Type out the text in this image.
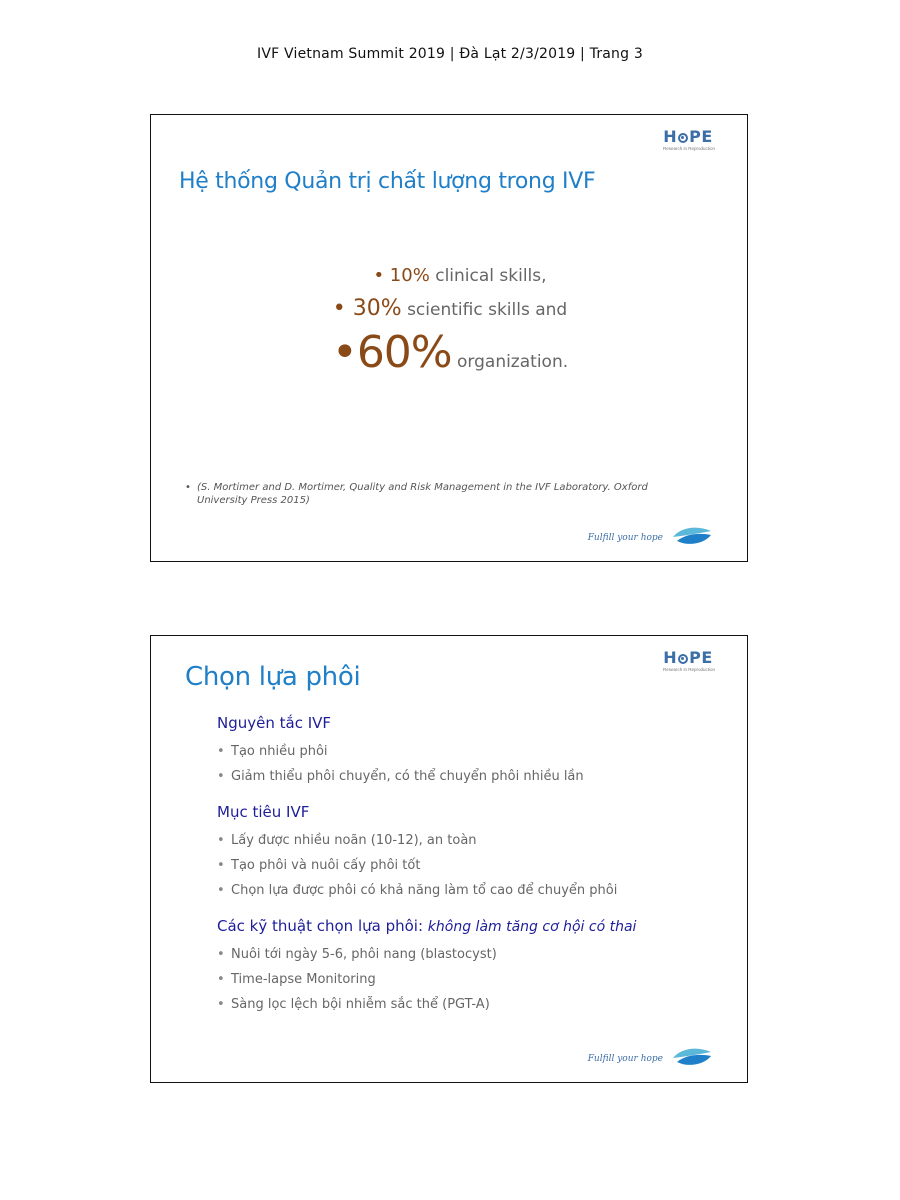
IVF Vietnam Summit 2019 | Đà Lạt 2/3/2019 | Trang 3
H PE
Research in Reproduction
Hệ thống Quản trị chất lượng trong IVF
• 10% clinical skills,
• 30% scientific skills and
•60% organization.
• (S. Mortimer and D. Mortimer, Quality and Risk Management in the IVF Laboratory. Oxford University Press 2015)
Fulfill your hope
H PE
Research in Reproduction
Chọn lựa phôi
Nguyên tắc IVF
• Tạo nhiều phôi
• Giảm thiểu phôi chuyển, có thể chuyển phôi nhiều lần
Mục tiêu IVF
• Lấy được nhiều noãn (10-12), an toàn
• Tạo phôi và nuôi cấy phôi tốt
• Chọn lựa được phôi có khả năng làm tổ cao để chuyển phôi
Các kỹ thuật chọn lựa phôi: không làm tăng cơ hội có thai
• Nuôi tới ngày 5-6, phôi nang (blastocyst)
• Time-lapse Monitoring
• Sàng lọc lệch bội nhiễm sắc thể (PGT-A)
Fulfill your hope
